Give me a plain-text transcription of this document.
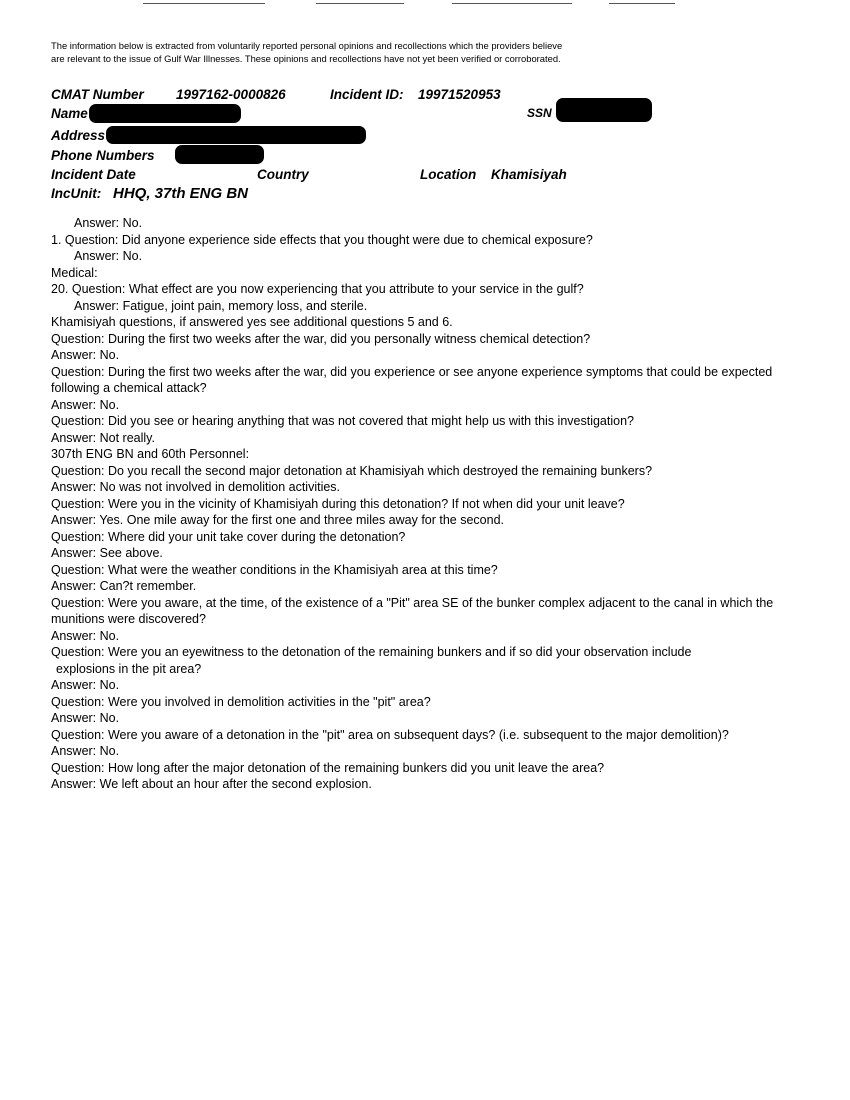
The information below is extracted from voluntarily reported personal opinions and recollections which the providers believe are relevant to the issue of Gulf War Illnesses. These opinions and recollections have not yet been verified or corroborated.
CMAT Number 1997162-0000826	Incident ID: 19971520953
Name	SSN
Address
Phone Numbers
Incident Date	Country	Location Khamisiyah
IncUnit: HHQ, 37th ENG BN
Answer: No.
1. Question: Did anyone experience side effects that you thought were due to chemical exposure?
Answer: No.
Medical:
20. Question: What effect are you now experiencing that you attribute to your service in the gulf?
Answer: Fatigue, joint pain, memory loss, and sterile.
Khamisiyah questions, if answered yes see additional questions 5 and 6.
Question: During the first two weeks after the war, did you personally witness chemical detection?
Answer: No.
Question: During the first two weeks after the war, did you experience or see anyone experience symptoms that could be expected following a chemical attack?
Answer: No.
Question: Did you see or hearing anything that was not covered that might help us with this investigation?
Answer: Not really.
307th ENG BN and 60th Personnel:
Question: Do you recall the second major detonation at Khamisiyah which destroyed the remaining bunkers?
Answer: No was not involved in demolition activities.
Question: Were you in the vicinity of Khamisiyah during this detonation? If not when did your unit leave?
Answer: Yes. One mile away for the first one and three miles away for the second.
Question: Where did your unit take cover during the detonation?
Answer: See above.
Question: What were the weather conditions in the Khamisiyah area at this time?
Answer: Can?t remember.
Question: Were you aware, at the time, of the existence of a "Pit" area SE of the bunker complex adjacent to the canal in which the munitions were discovered?
Answer: No.
Question: Were you an eyewitness to the detonation of the remaining bunkers and if so did your observation include
explosions in the pit area?
Answer: No.
Question: Were you involved in demolition activities in the "pit" area?
Answer: No.
Question: Were you aware of a detonation in the "pit" area on subsequent days? (i.e. subsequent to the major demolition)?
Answer: No.
Question: How long after the major detonation of the remaining bunkers did you unit leave the area?
Answer: We left about an hour after the second explosion.
